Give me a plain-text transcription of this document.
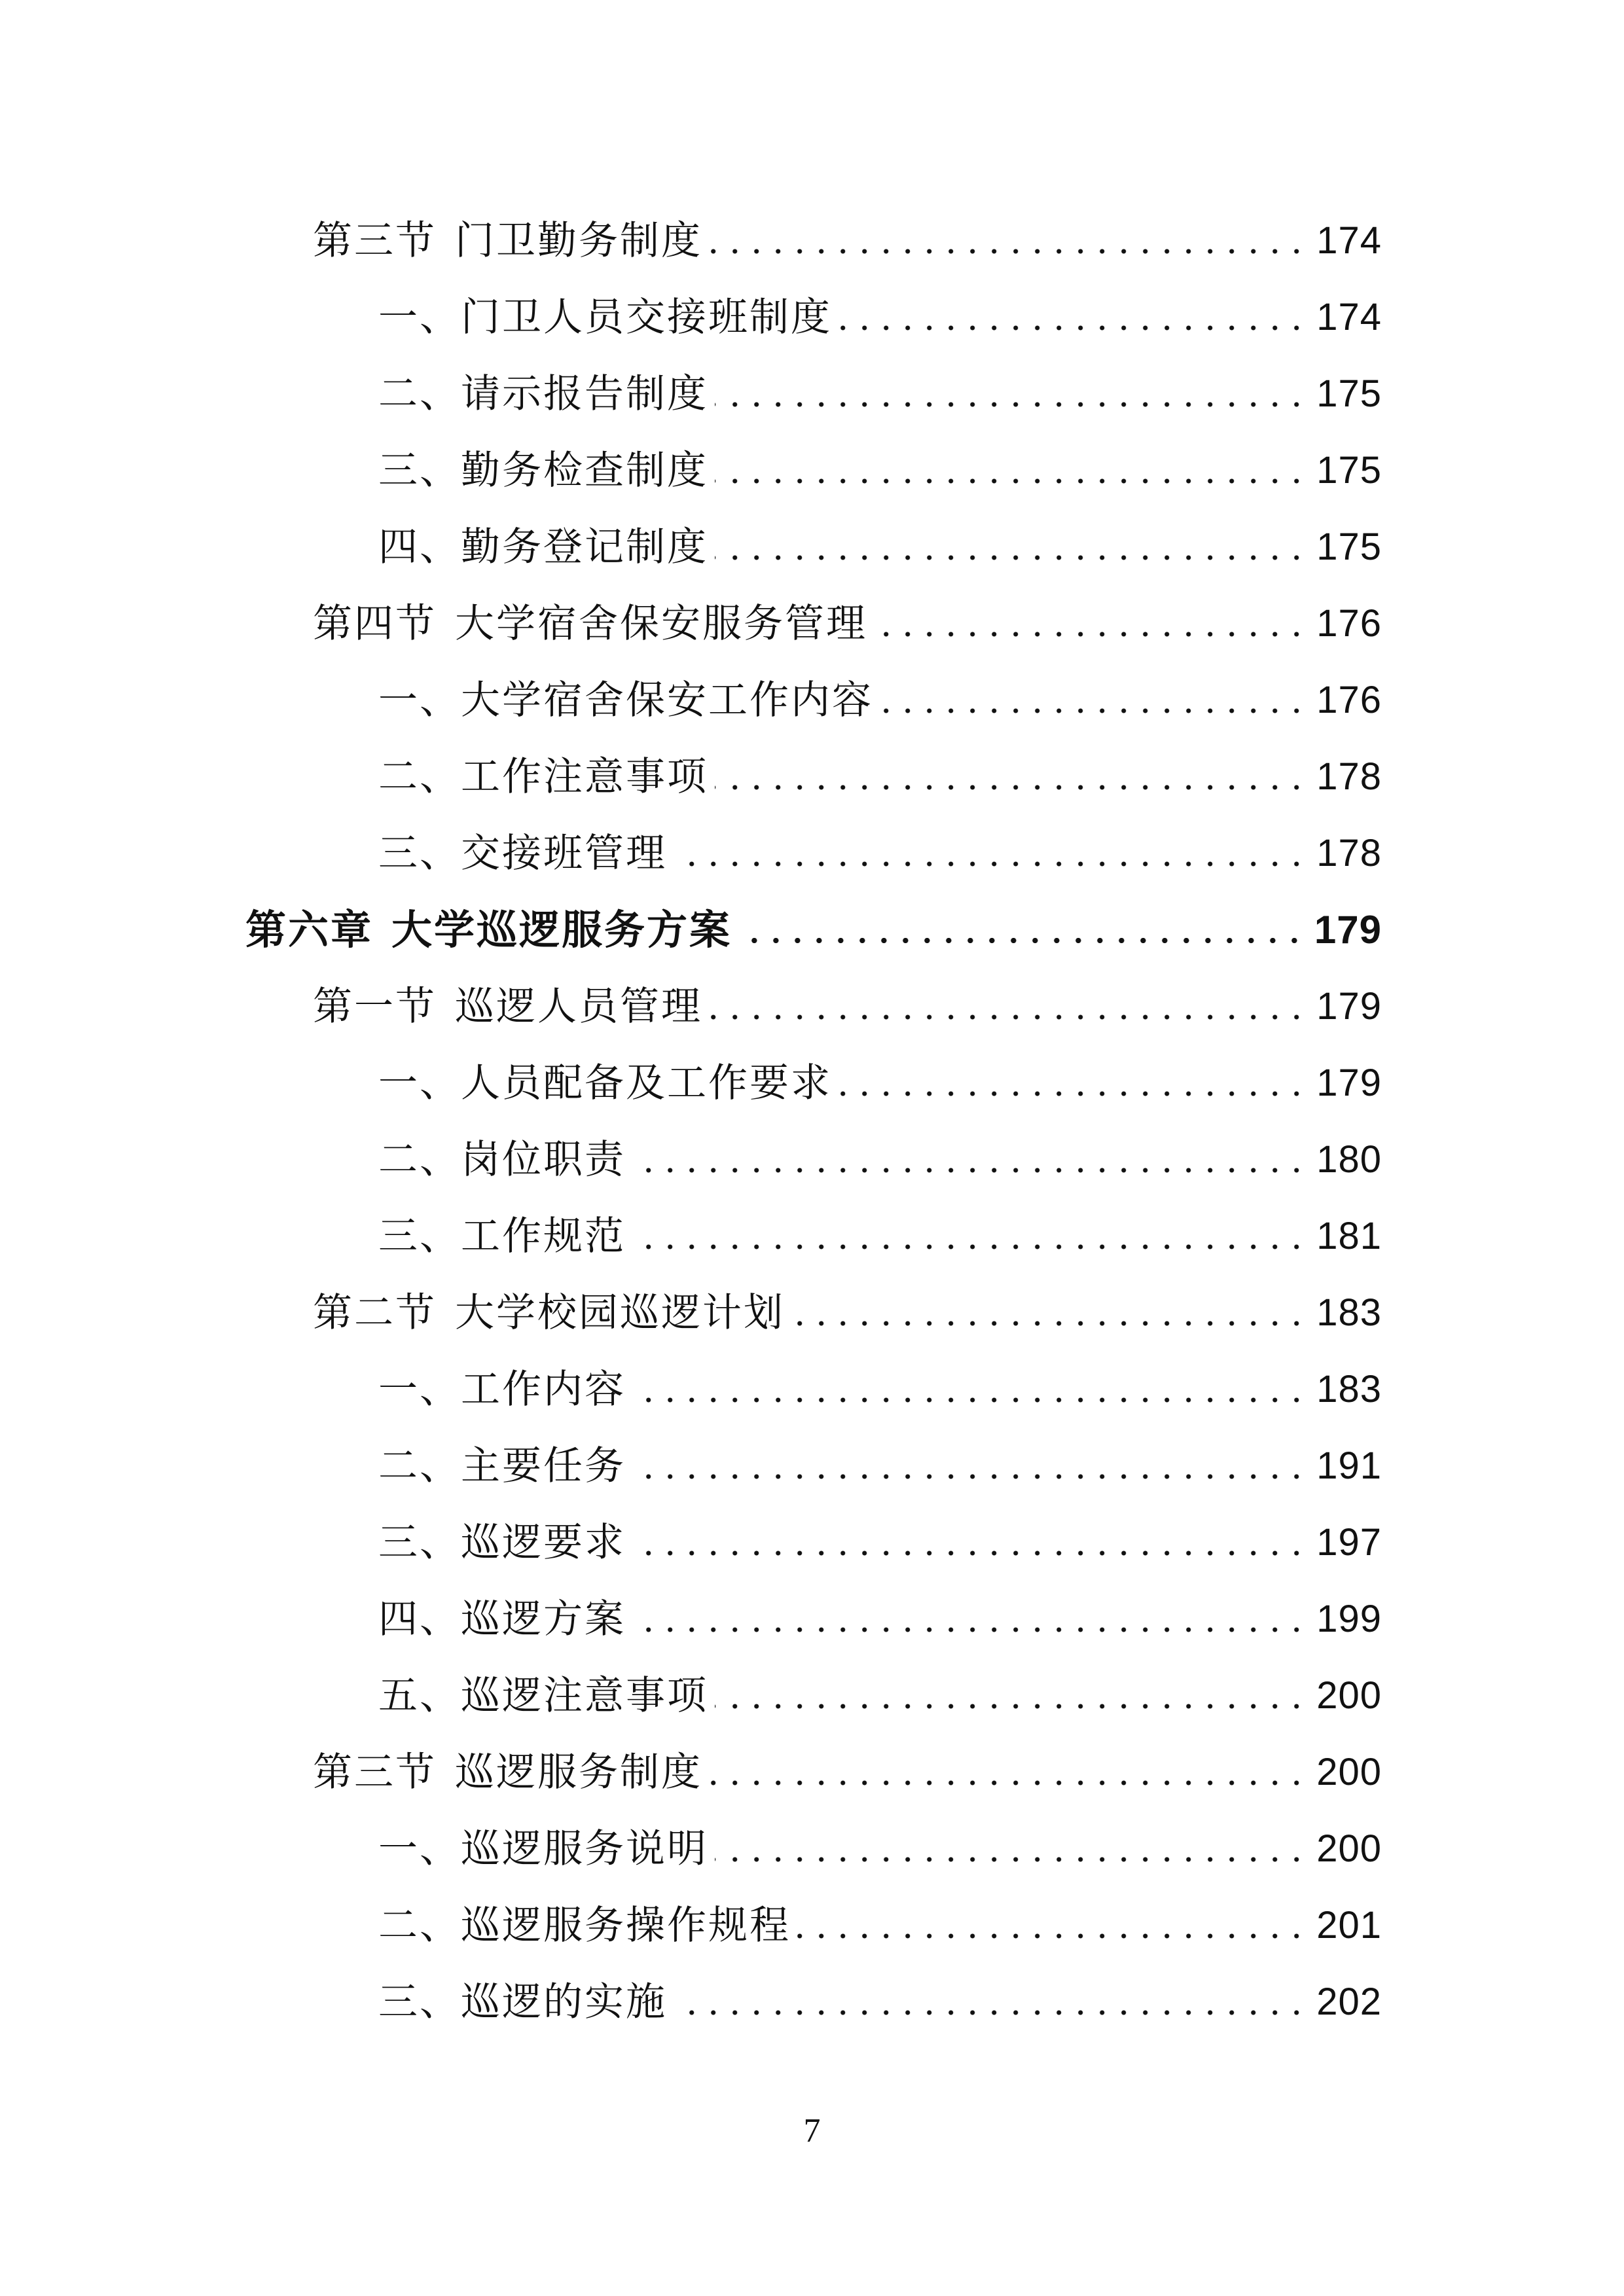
第三节 门卫勤务制度	174
一、门卫人员交接班制度	174
二、请示报告制度	175
三、勤务检查制度	175
四、勤务登记制度	175
第四节 大学宿舍保安服务管理	176
一、大学宿舍保安工作内容	176
二、工作注意事项	178
三、交接班管理	178
第六章 大学巡逻服务方案	179
第一节 巡逻人员管理	179
一、人员配备及工作要求	179
二、岗位职责	180
三、工作规范	181
第二节 大学校园巡逻计划	183
一、工作内容	183
二、主要任务	191
三、巡逻要求	197
四、巡逻方案	199
五、巡逻注意事项	200
第三节 巡逻服务制度	200
一、巡逻服务说明	200
二、巡逻服务操作规程	201
三、巡逻的实施	202
7
